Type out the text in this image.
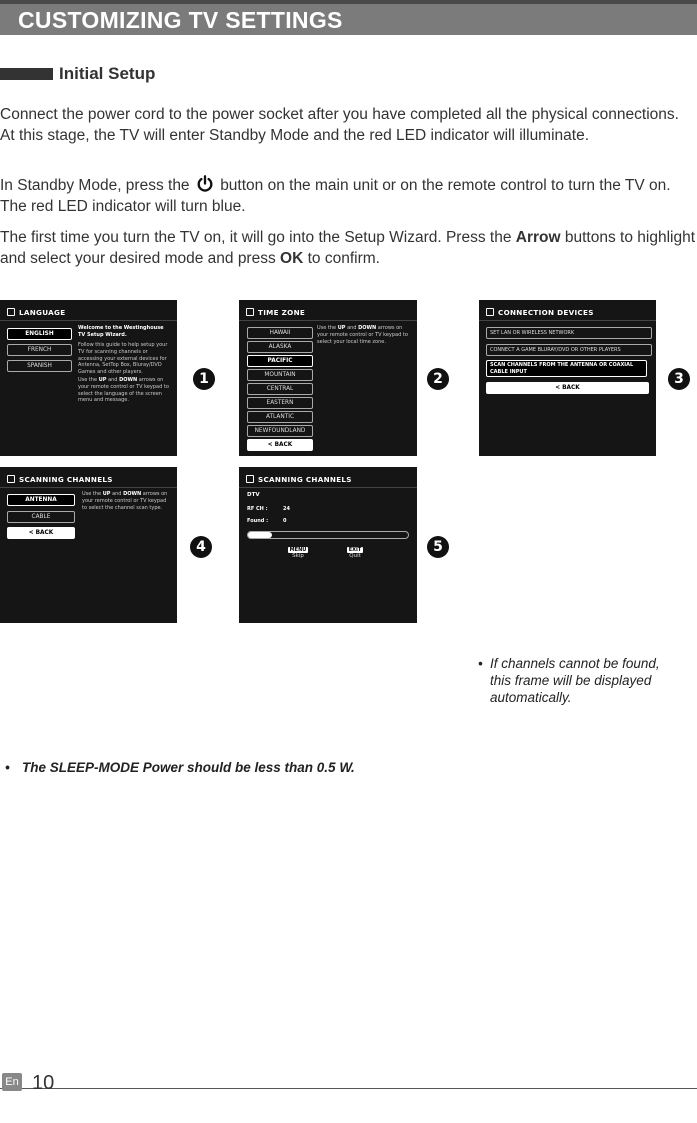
CUSTOMIZING TV SETTINGS
Initial Setup
Connect the power cord to the power socket after you have completed all the physical connections. At this stage, the TV will enter Standby Mode and the red LED indicator will illuminate.
In Standby Mode, press the button on the main unit or on the remote control to turn the TV on. The red LED indicator will turn blue.
The first time you turn the TV on, it will go into the Setup Wizard. Press the Arrow buttons to highlight and select your desired mode and press OK to confirm.
LANGUAGE
ENGLISH
FRENCH
SPANISH
Welcome to the Westinghouse TV Setup Wizard.
Follow this guide to help setup your TV for scanning channels or accessing your external devices for Antenna, SetTop Box, Bluray/DVD Games and other players.
Use the UP and DOWN arrows on your remote control or TV keypad to select the language of the screen menu and message.
1
TIME ZONE
HAWAII
ALASKA
PACIFIC
MOUNTAIN
CENTRAL
EASTERN
ATLANTIC
NEWFOUNDLAND
< BACK
Use the UP and DOWN arrows on your remote control or TV keypad to select your local time zone.
2
CONNECTION DEVICES
SET LAN OR WIRELESS NETWORK
CONNECT A GAME BLURAY/DVD OR OTHER PLAYERS
SCAN CHANNELS FROM THE ANTENNA OR COAXIAL CABLE INPUT
< BACK
3
SCANNING CHANNELS
ANTENNA
CABLE
< BACK
Use the UP and DOWN arrows on your remote control or TV keypad to select the channel scan type.
4
SCANNING CHANNELS
DTV
RF CH :	24
Found :	0
MENU
Skip
EXIT
Quit
5
• If channels cannot be found, this frame will be displayed automatically.
• The SLEEP-MODE Power should be less than 0.5 W.
En 10
